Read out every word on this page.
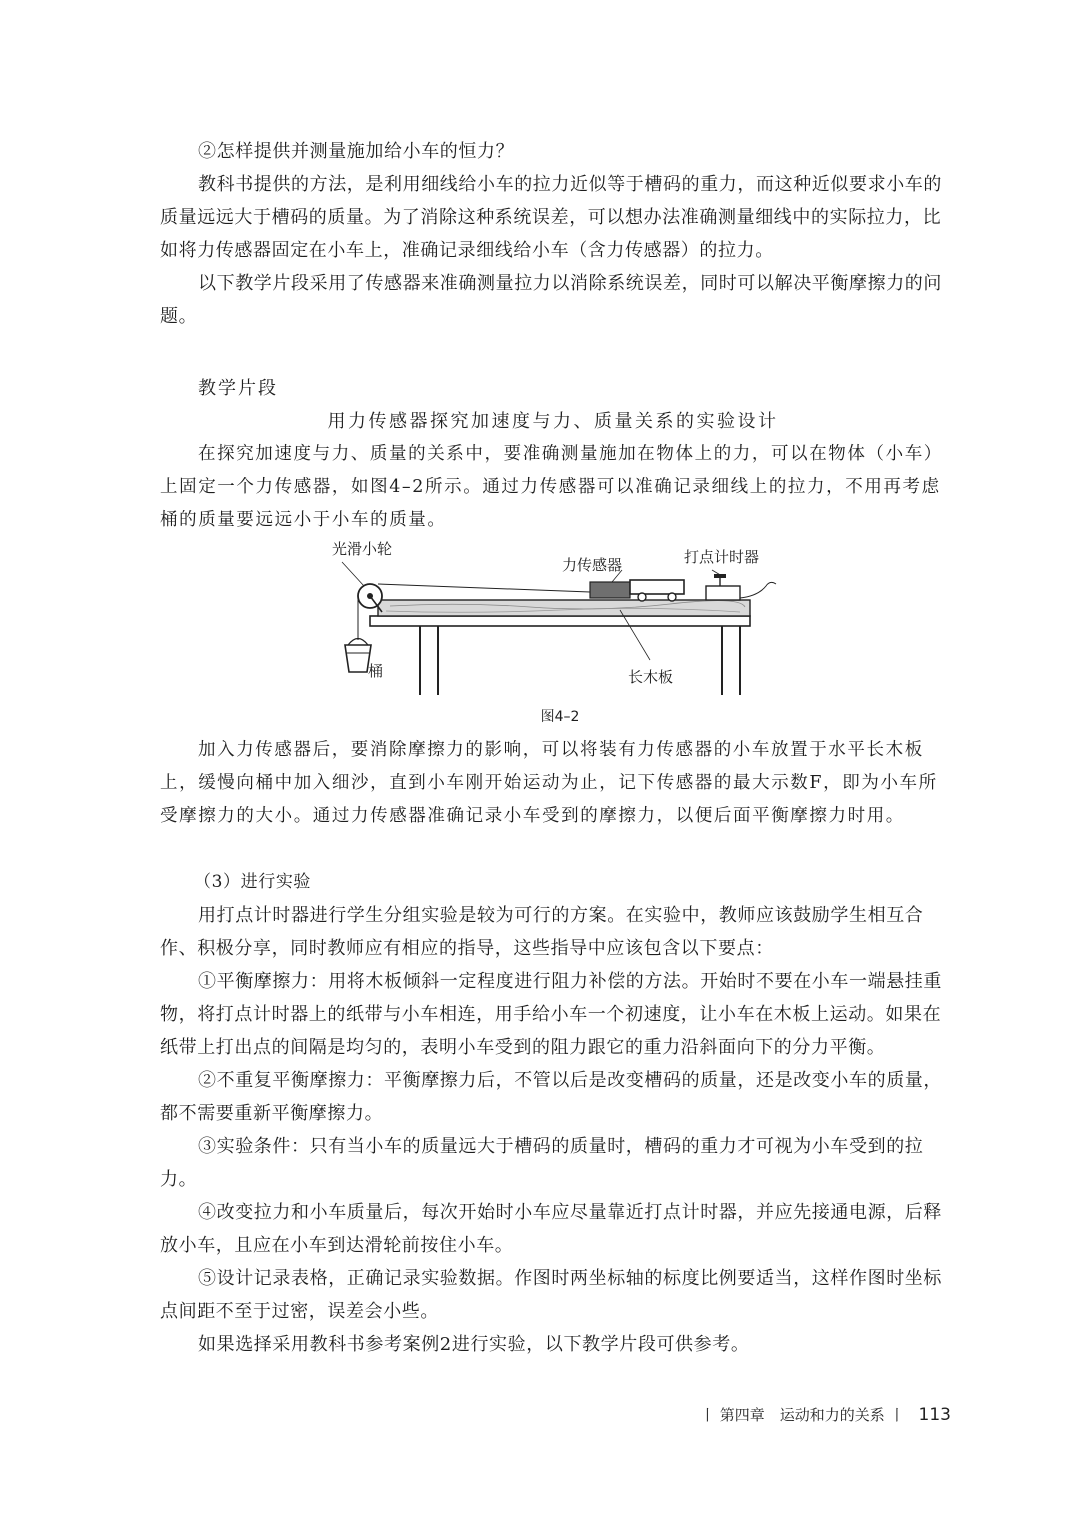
②怎样提供并测量施加给小车的恒力？

教科书提供的方法，是利用细线给小车的拉力近似等于槽码的重力，而这种近似要求小车的质量远远大于槽码的质量。为了消除这种系统误差，可以想办法准确测量细线中的实际拉力，比如将力传感器固定在小车上，准确记录细线给小车（含力传感器）的拉力。

以下教学片段采用了传感器来准确测量拉力以消除系统误差，同时可以解决平衡摩擦力的问题。

教学片段
用力传感器探究加速度与力、质量关系的实验设计

在探究加速度与力、质量的关系中，要准确测量施加在物体上的力，可以在物体（小车）上固定一个力传感器，如图4–2所示。通过力传感器可以准确记录细线上的拉力，不用再考虑桶的质量要远远小于小车的质量。

光滑小轮
力传感器	打点计时器
桶	长木板
图4–2

加入力传感器后，要消除摩擦力的影响，可以将装有力传感器的小车放置于水平长木板上，缓慢向桶中加入细沙，直到小车刚开始运动为止，记下传感器的最大示数F，即为小车所受摩擦力的大小。通过力传感器准确记录小车受到的摩擦力，以便后面平衡摩擦力时用。

（3）进行实验

用打点计时器进行学生分组实验是较为可行的方案。在实验中，教师应该鼓励学生相互合作、积极分享，同时教师应有相应的指导，这些指导中应该包含以下要点：

①平衡摩擦力：用将木板倾斜一定程度进行阻力补偿的方法。开始时不要在小车一端悬挂重物，将打点计时器上的纸带与小车相连，用手给小车一个初速度，让小车在木板上运动。如果在纸带上打出点的间隔是均匀的，表明小车受到的阻力跟它的重力沿斜面向下的分力平衡。

②不重复平衡摩擦力：平衡摩擦力后，不管以后是改变槽码的质量，还是改变小车的质量，都不需要重新平衡摩擦力。

③实验条件：只有当小车的质量远大于槽码的质量时，槽码的重力才可视为小车受到的拉力。

④改变拉力和小车质量后，每次开始时小车应尽量靠近打点计时器，并应先接通电源，后释放小车，且应在小车到达滑轮前按住小车。

⑤设计记录表格，正确记录实验数据。作图时两坐标轴的标度比例要适当，这样作图时坐标点间距不至于过密，误差会小些。

如果选择采用教科书参考案例2进行实验，以下教学片段可供参考。

丨 第四章　运动和力的关系 丨 113
